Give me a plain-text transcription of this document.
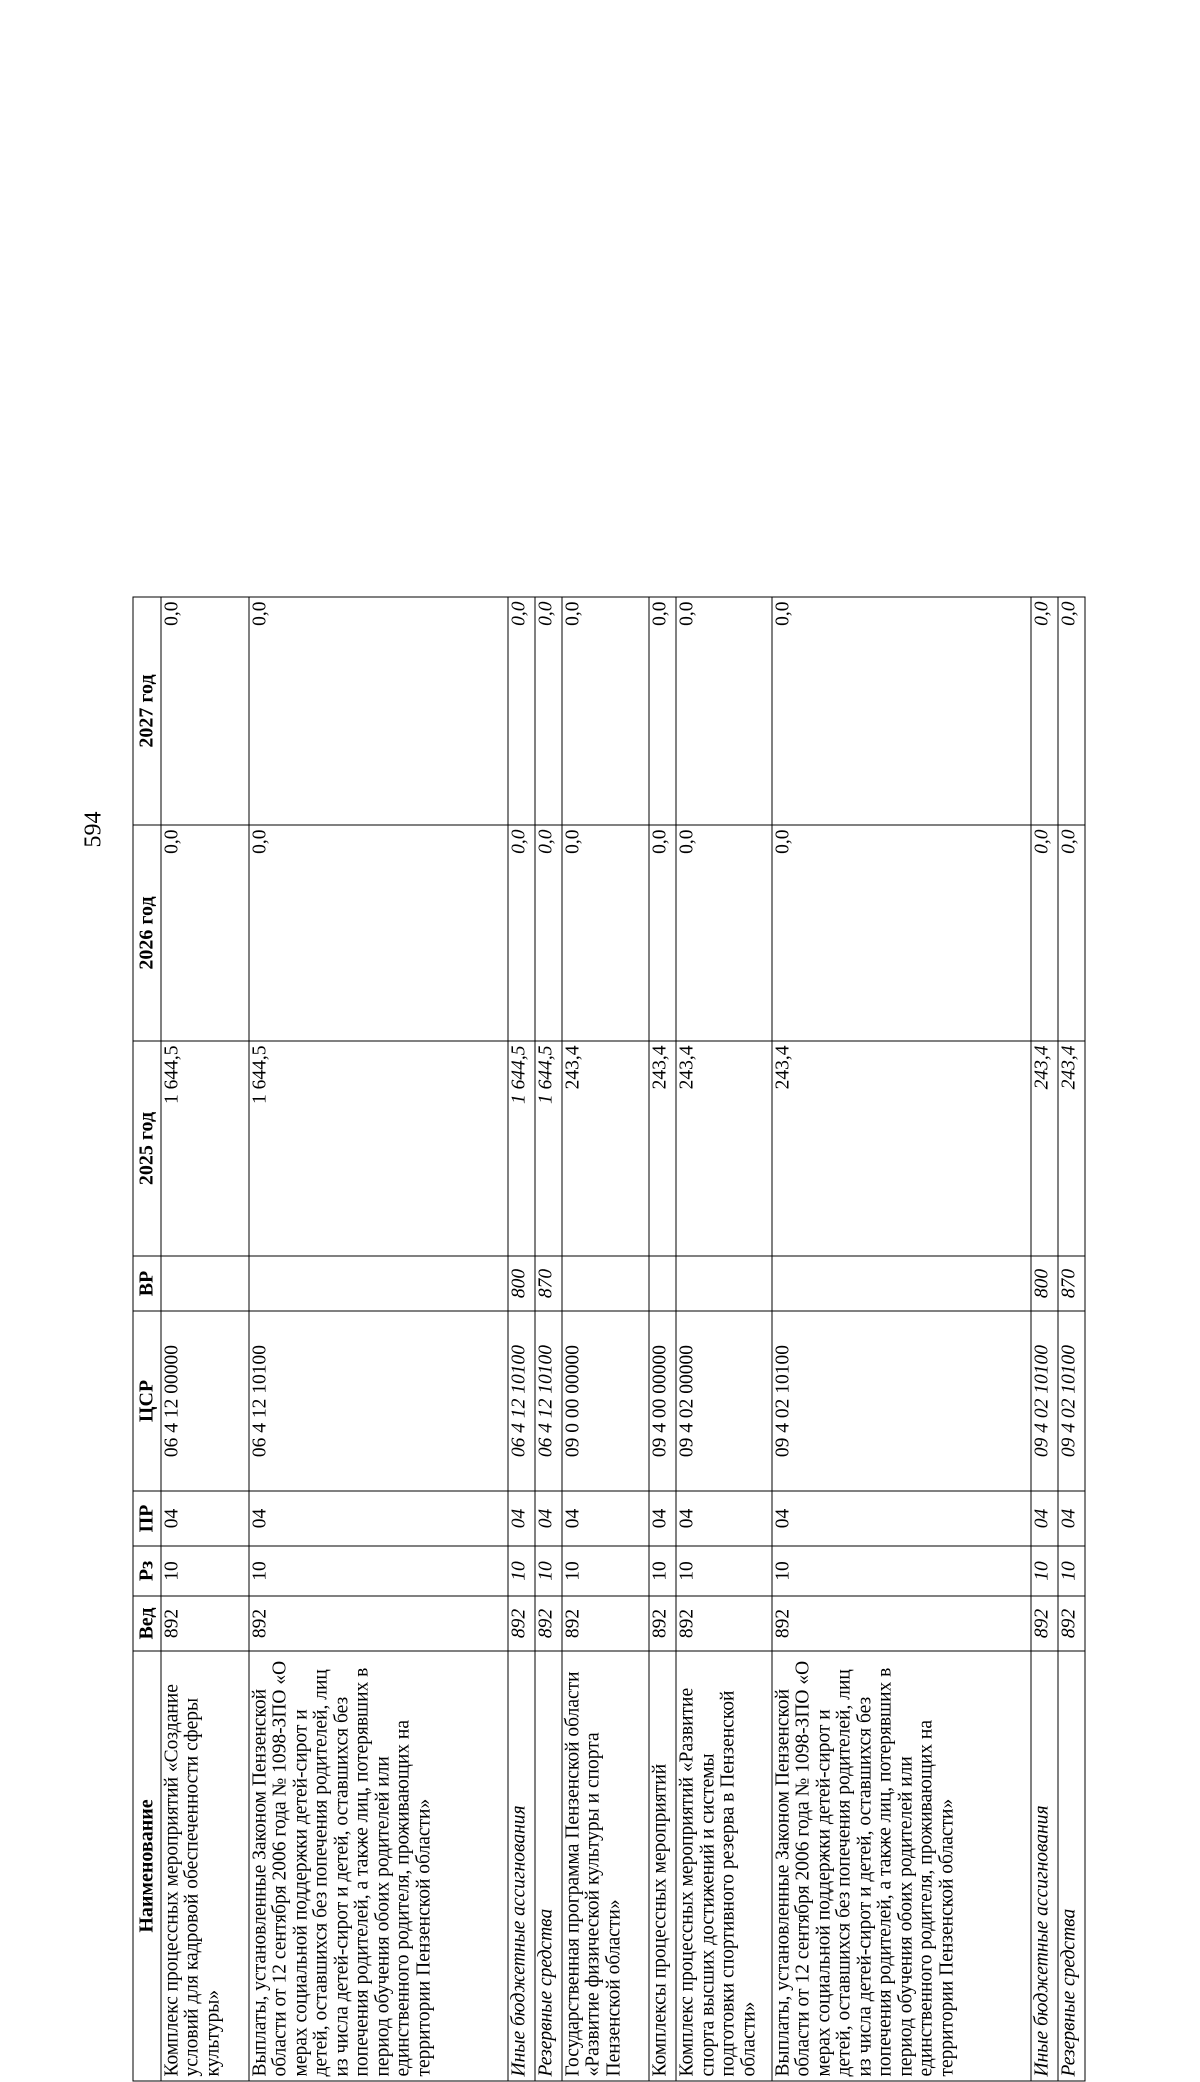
594
Наименование	Вед	Рз	ПР	ЦСР	ВР	2025 год	2026 год	2027 год
Комплекс процессных мероприятий «Создание условий для кадровой обеспеченности сферы культуры»	892	10	04	06 4 12 00000		1 644,5	0,0	0,0
Выплаты, установленные Законом Пензенской области от 12 сентября 2006 года № 1098-ЗПО «О мерах социальной поддержки детей-сирот и детей, оставшихся без попечения родителей, лиц из числа детей-сирот и детей, оставшихся без попечения родителей, а также лиц, потерявших в период обучения обоих родителей или единственного родителя, проживающих на территории Пензенской области»	892	10	04	06 4 12 10100		1 644,5	0,0	0,0
Иные бюджетные ассигнования	892	10	04	06 4 12 10100	800	1 644,5	0,0	0,0
Резервные средства	892	10	04	06 4 12 10100	870	1 644,5	0,0	0,0
Государственная программа Пензенской области «Развитие физической культуры и спорта Пензенской области»	892	10	04	09 0 00 00000		243,4	0,0	0,0
Комплексы процессных мероприятий	892	10	04	09 4 00 00000		243,4	0,0	0,0
Комплекс процессных мероприятий «Развитие спорта высших достижений и системы подготовки спортивного резерва в Пензенской области»	892	10	04	09 4 02 00000		243,4	0,0	0,0
Выплаты, установленные Законом Пензенской области от 12 сентября 2006 года № 1098-ЗПО «О мерах социальной поддержки детей-сирот и детей, оставшихся без попечения родителей, лиц из числа детей-сирот и детей, оставшихся без попечения родителей, а также лиц, потерявших в период обучения обоих родителей или единственного родителя, проживающих на территории Пензенской области»	892	10	04	09 4 02 10100		243,4	0,0	0,0
Иные бюджетные ассигнования	892	10	04	09 4 02 10100	800	243,4	0,0	0,0
Резервные средства	892	10	04	09 4 02 10100	870	243,4	0,0	0,0
